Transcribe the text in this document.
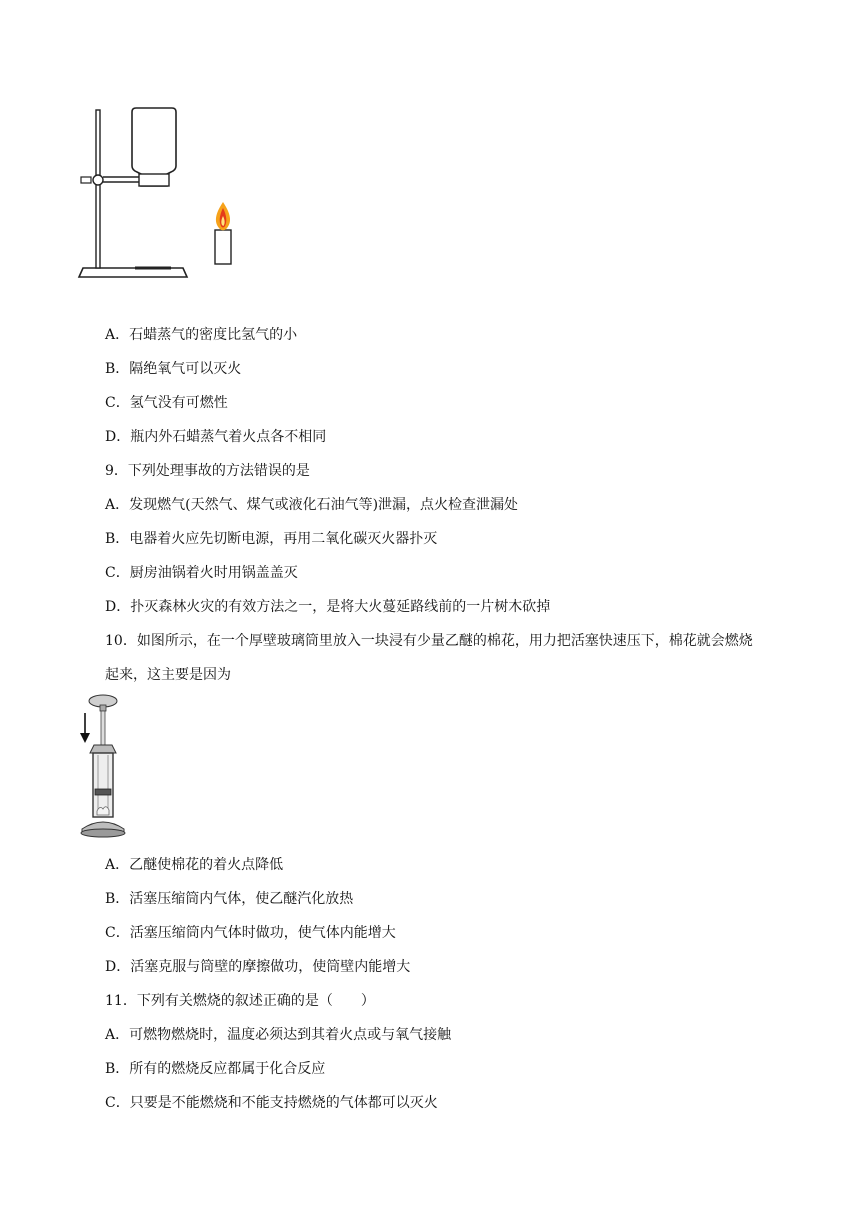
A．石蜡蒸气的密度比氢气的小
B．隔绝氧气可以灭火
C．氢气没有可燃性
D．瓶内外石蜡蒸气着火点各不相同
9．下列处理事故的方法错误的是
A．发现燃气(天然气、煤气或液化石油气等)泄漏，点火检查泄漏处
B．电器着火应先切断电源，再用二氧化碳灭火器扑灭
C．厨房油锅着火时用锅盖盖灭
D．扑灭森林火灾的有效方法之一，是将大火蔓延路线前的一片树木砍掉
10．如图所示，在一个厚壁玻璃筒里放入一块浸有少量乙醚的棉花，用力把活塞快速压下，棉花就会燃烧
起来，这主要是因为
A．乙醚使棉花的着火点降低
B．活塞压缩筒内气体，使乙醚汽化放热
C．活塞压缩筒内气体时做功，使气体内能增大
D．活塞克服与筒壁的摩擦做功，使筒壁内能增大
11．下列有关燃烧的叙述正确的是（　　）
A．可燃物燃烧时，温度必须达到其着火点或与氧气接触
B．所有的燃烧反应都属于化合反应
C．只要是不能燃烧和不能支持燃烧的气体都可以灭火
